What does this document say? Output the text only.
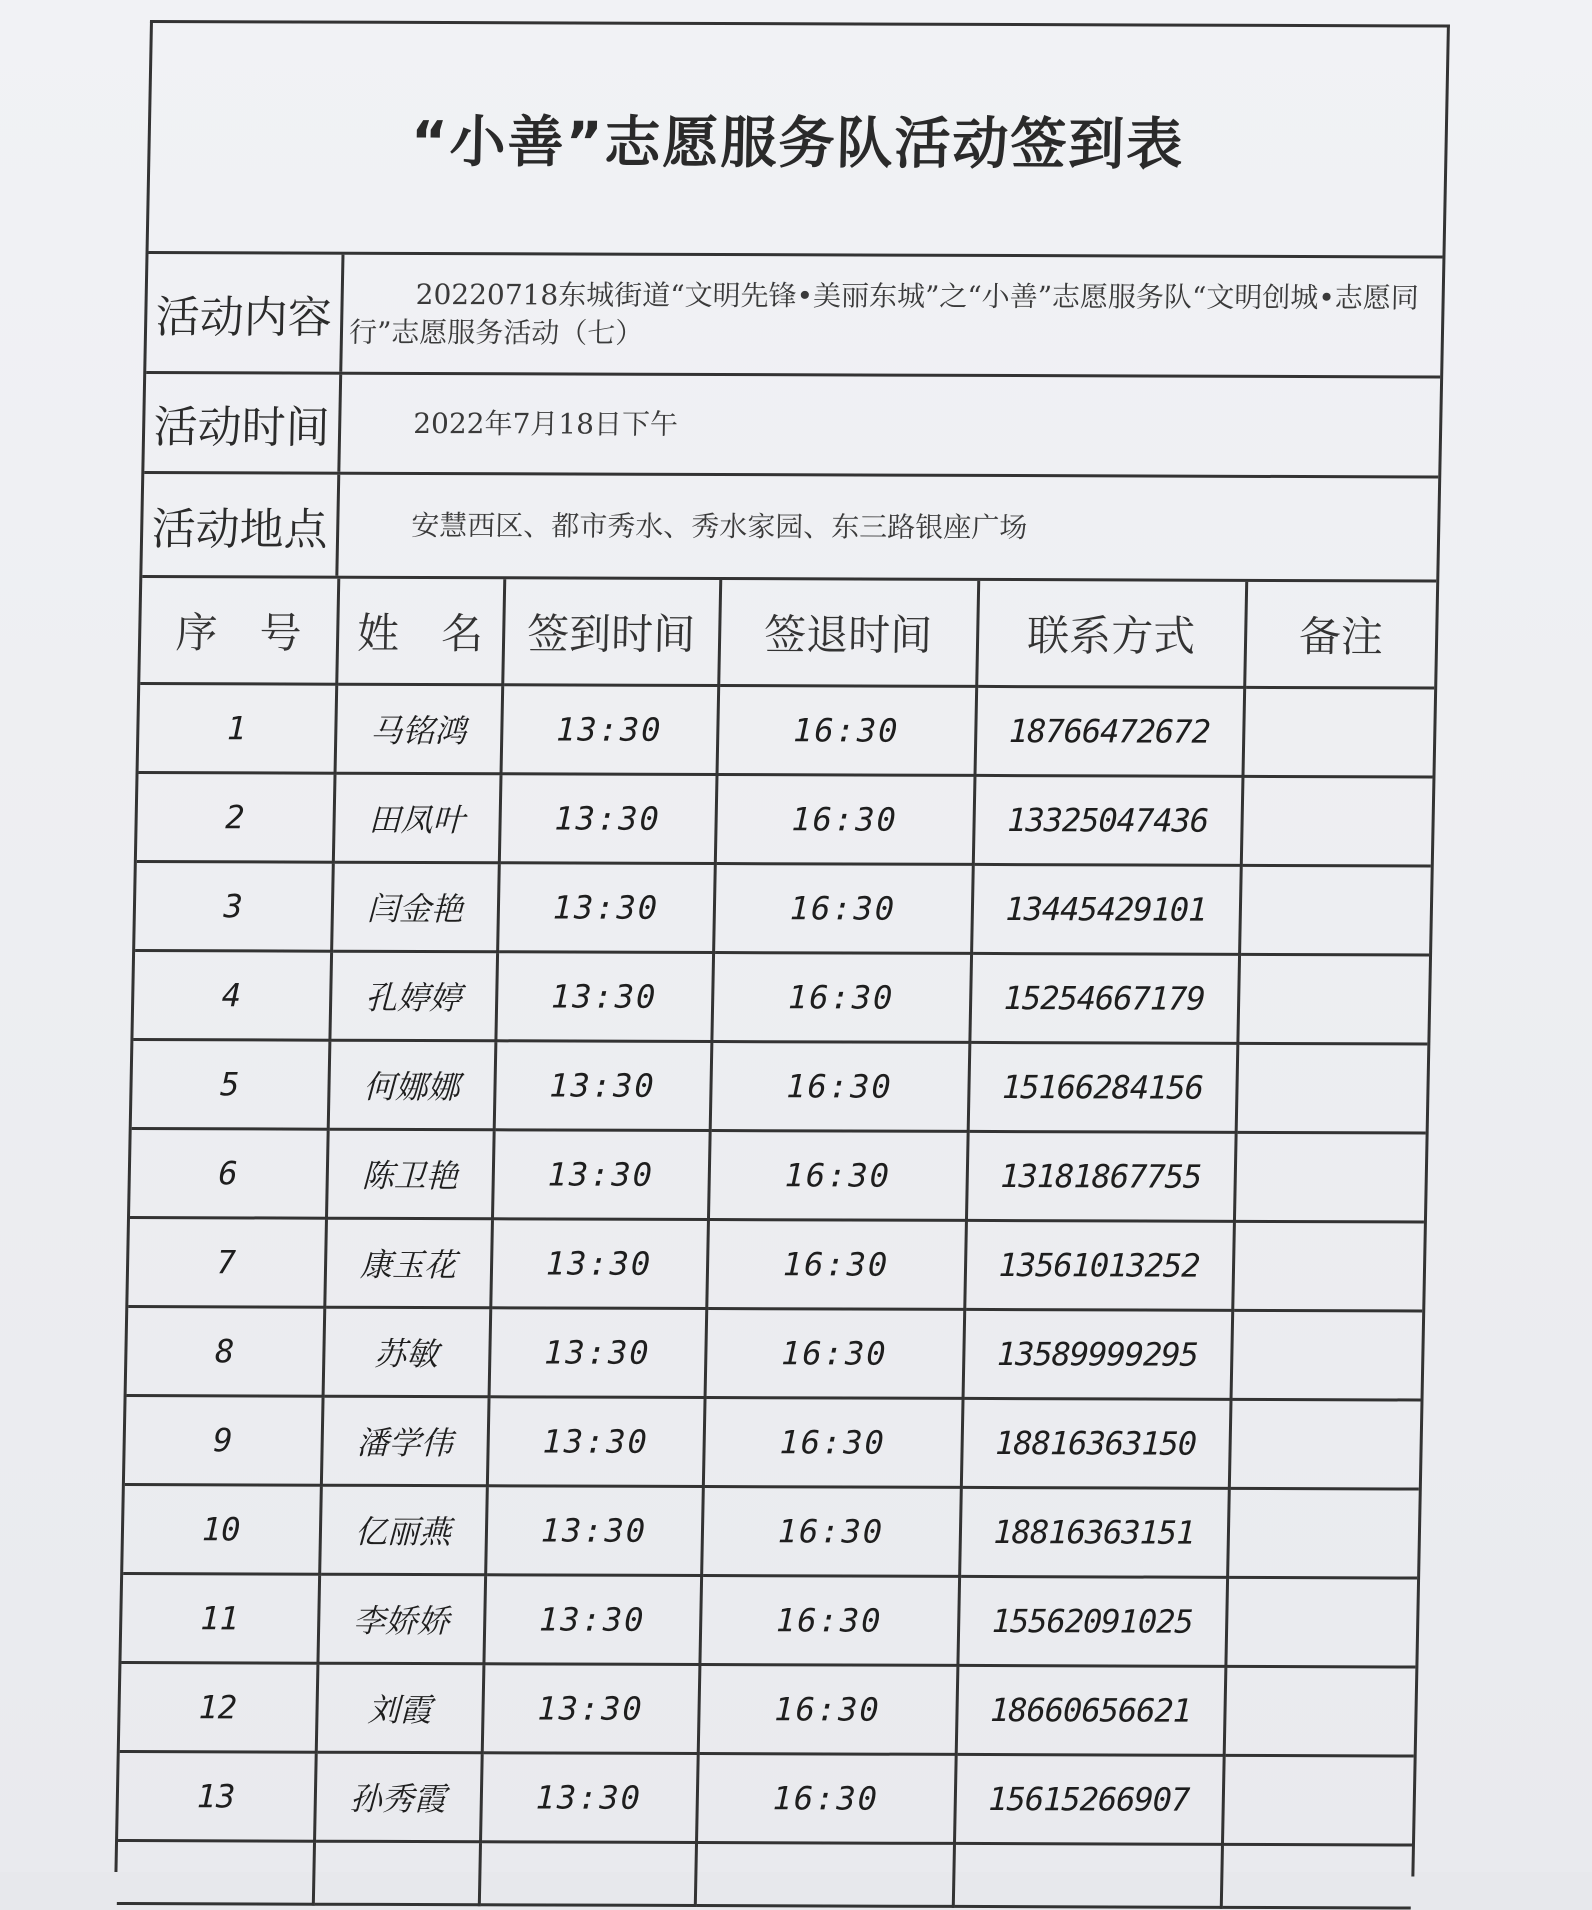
“小善”志愿服务队活动签到表
活动内容	20220718东城街道“文明先锋•美丽东城”之“小善”志愿服务队“文明创城•志愿同行”志愿服务活动（七）
活动时间	2022年7月18日下午
活动地点	安慧西区、都市秀水、秀水家园、东三路银座广场
序　号	姓　名	签到时间	签退时间	联系方式	备注
1	马铭鸿	13:30	16:30	18766472672	
2	田凤叶	13:30	16:30	13325047436	
3	闫金艳	13:30	16:30	13445429101	
4	孔婷婷	13:30	16:30	15254667179	
5	何娜娜	13:30	16:30	15166284156	
6	陈卫艳	13:30	16:30	13181867755	
7	康玉花	13:30	16:30	13561013252	
8	苏敏	13:30	16:30	13589999295	
9	潘学伟	13:30	16:30	18816363150	
10	亿丽燕	13:30	16:30	18816363151	
11	李娇娇	13:30	16:30	15562091025	
12	刘霞	13:30	16:30	18660656621	
13	孙秀霞	13:30	16:30	15615266907	
